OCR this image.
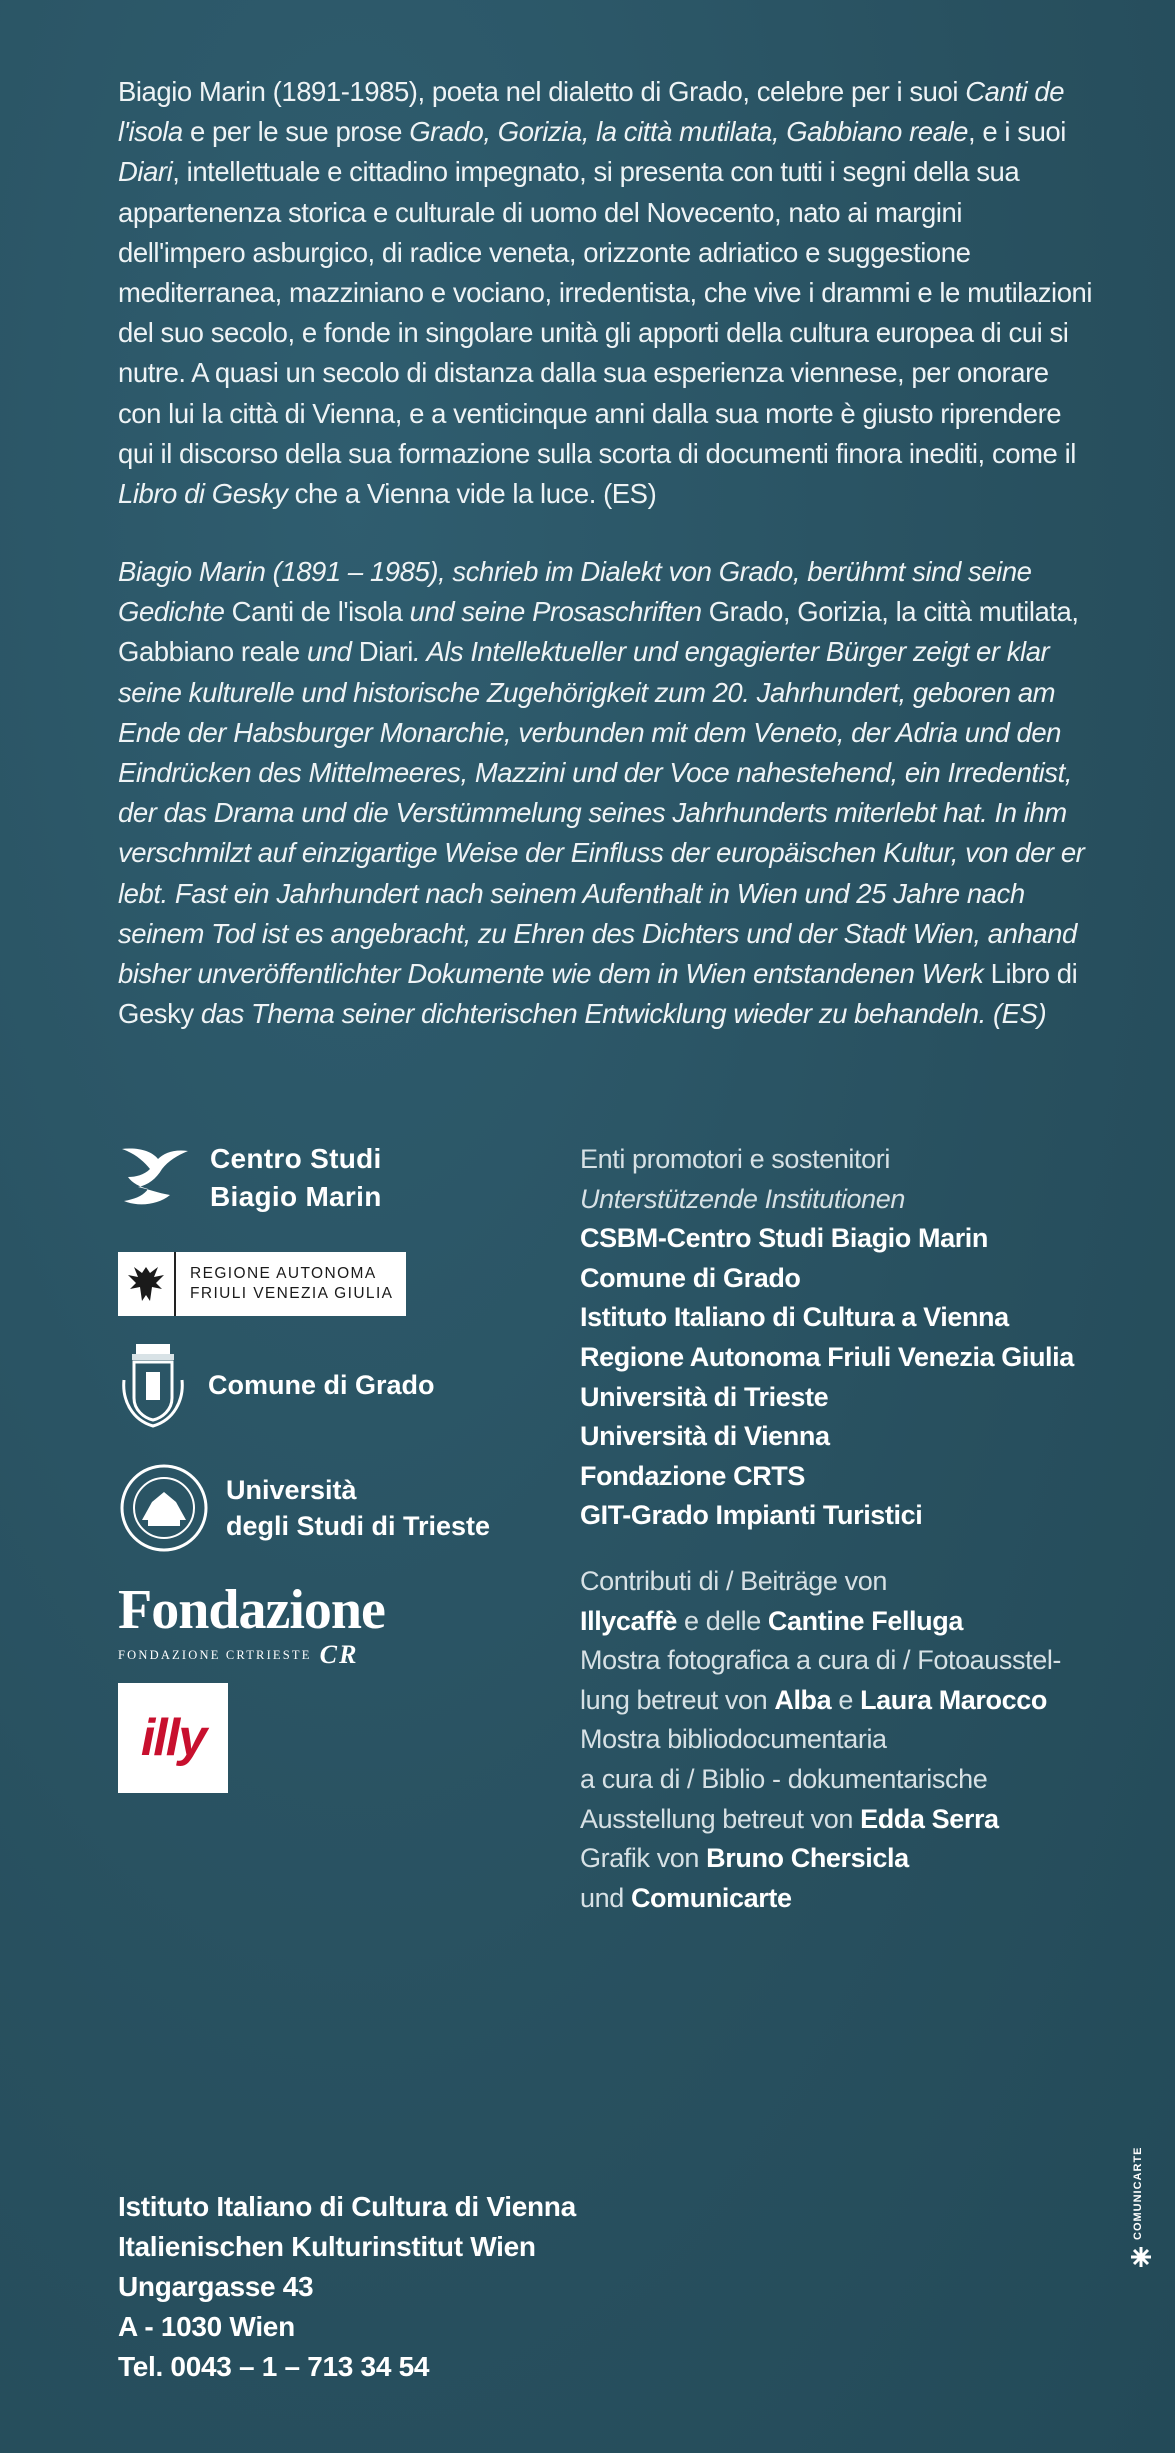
Biagio Marin (1891-1985), poeta nel dialetto di Grado, celebre per i suoi Canti de l'isola e per le sue prose Grado, Gorizia, la città mutilata, Gabbiano reale, e i suoi Diari, intellettuale e cittadino impegnato, si presenta con tutti i segni della sua appartenenza storica e culturale di uomo del Novecento, nato ai margini dell'impero asburgico, di radice veneta, orizzonte adriatico e suggestione mediterranea, mazziniano e vociano, irredentista, che vive i drammi e le mutilazioni del suo secolo, e fonde in singolare unità gli apporti della cultura europea di cui si nutre. A quasi un secolo di distanza dalla sua esperienza viennese, per onorare con lui la città di Vienna, e a venticinque anni dalla sua morte è giusto riprendere qui il discorso della sua formazione sulla scorta di documenti finora inediti, come il Libro di Gesky che a Vienna vide la luce. (ES)

Biagio Marin (1891 – 1985), schrieb im Dialekt von Grado, berühmt sind seine Gedichte Canti de l'isola und seine Prosaschriften Grado, Gorizia, la città mutilata, Gabbiano reale und Diari. Als Intellektueller und engagierter Bürger zeigt er klar seine kulturelle und historische Zugehörigkeit zum 20. Jahrhundert, geboren am Ende der Habsburger Monarchie, verbunden mit dem Veneto, der Adria und den Eindrücken des Mittelmeeres, Mazzini und der Voce nahestehend, ein Irredentist, der das Drama und die Verstümmelung seines Jahrhunderts miterlebt hat. In ihm verschmilzt auf einzigartige Weise der Einfluss der europäischen Kultur, von der er lebt. Fast ein Jahrhundert nach seinem Aufenthalt in Wien und 25 Jahre nach seinem Tod ist es angebracht, zu Ehren des Dichters und der Stadt Wien, anhand bisher unveröffentlichter Dokumente wie dem in Wien entstandenen Werk Libro di Gesky das Thema seiner dichterischen Entwicklung wieder zu behandeln. (ES)

Centro Studi
Biagio Marin
REGIONE AUTONOMA
FRIULI VENEZIA GIULIA
Comune di Grado
Università
degli Studi di Trieste
Fondazione
FONDAZIONE CRTRIESTE CR
illy
Enti promotori e sostenitori
Unterstützende Institutionen
CSBM-Centro Studi Biagio Marin
Comune di Grado
Istituto Italiano di Cultura a Vienna
Regione Autonoma Friuli Venezia Giulia
Università di Trieste
Università di Vienna
Fondazione CRTS
GIT-Grado Impianti Turistici
Contributi di / Beiträge von
Illycaffè e delle Cantine Felluga
Mostra fotografica a cura di / Fotoausstel-
lung betreut von Alba e Laura Marocco
Mostra bibliodocumentaria
a cura di / Biblio - dokumentarische
Ausstellung betreut von Edda Serra
Grafik von Bruno Chersicla
und Comunicarte
Istituto Italiano di Cultura di Vienna
Italienischen Kulturinstitut Wien
Ungargasse 43
A - 1030 Wien
Tel. 0043 – 1 – 713 34 54
COMUNICARTE
